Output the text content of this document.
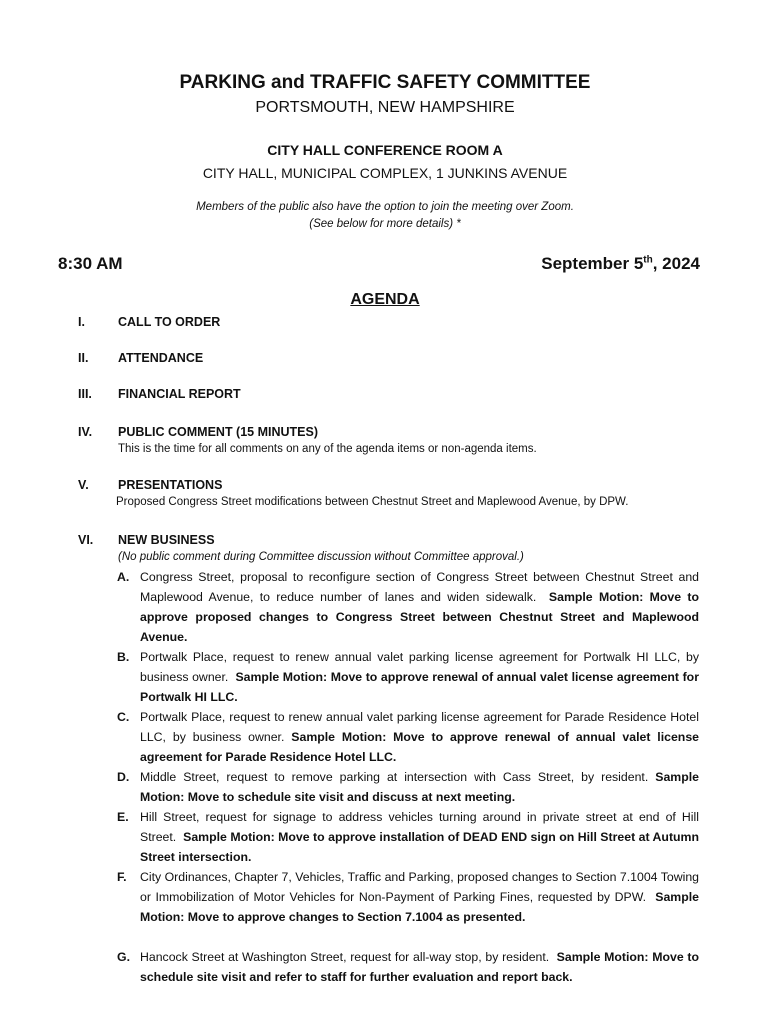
PARKING and TRAFFIC SAFETY COMMITTEE
PORTSMOUTH, NEW HAMPSHIRE
CITY HALL CONFERENCE ROOM A
CITY HALL, MUNICIPAL COMPLEX, 1 JUNKINS AVENUE
Members of the public also have the option to join the meeting over Zoom.
(See below for more details) *
8:30 AM	September 5th, 2024
AGENDA
I.	CALL TO ORDER
II. ATTENDANCE
III. FINANCIAL REPORT
IV. PUBLIC COMMENT (15 MINUTES)
This is the time for all comments on any of the agenda items or non-agenda items.
V. PRESENTATIONS
Proposed Congress Street modifications between Chestnut Street and Maplewood Avenue, by DPW.
VI. NEW BUSINESS
(No public comment during Committee discussion without Committee approval.)
A. Congress Street, proposal to reconfigure section of Congress Street between Chestnut Street and Maplewood Avenue, to reduce number of lanes and widen sidewalk. Sample Motion: Move to approve proposed changes to Congress Street between Chestnut Street and Maplewood Avenue.
B. Portwalk Place, request to renew annual valet parking license agreement for Portwalk HI LLC, by business owner. Sample Motion: Move to approve renewal of annual valet license agreement for Portwalk HI LLC.
C. Portwalk Place, request to renew annual valet parking license agreement for Parade Residence Hotel LLC, by business owner. Sample Motion: Move to approve renewal of annual valet license agreement for Parade Residence Hotel LLC.
D. Middle Street, request to remove parking at intersection with Cass Street, by resident. Sample Motion: Move to schedule site visit and discuss at next meeting.
E. Hill Street, request for signage to address vehicles turning around in private street at end of Hill Street. Sample Motion: Move to approve installation of DEAD END sign on Hill Street at Autumn Street intersection.
F. City Ordinances, Chapter 7, Vehicles, Traffic and Parking, proposed changes to Section 7.1004 Towing or Immobilization of Motor Vehicles for Non-Payment of Parking Fines, requested by DPW. Sample Motion: Move to approve changes to Section 7.1004 as presented.
G. Hancock Street at Washington Street, request for all-way stop, by resident. Sample Motion: Move to schedule site visit and refer to staff for further evaluation and report back.
